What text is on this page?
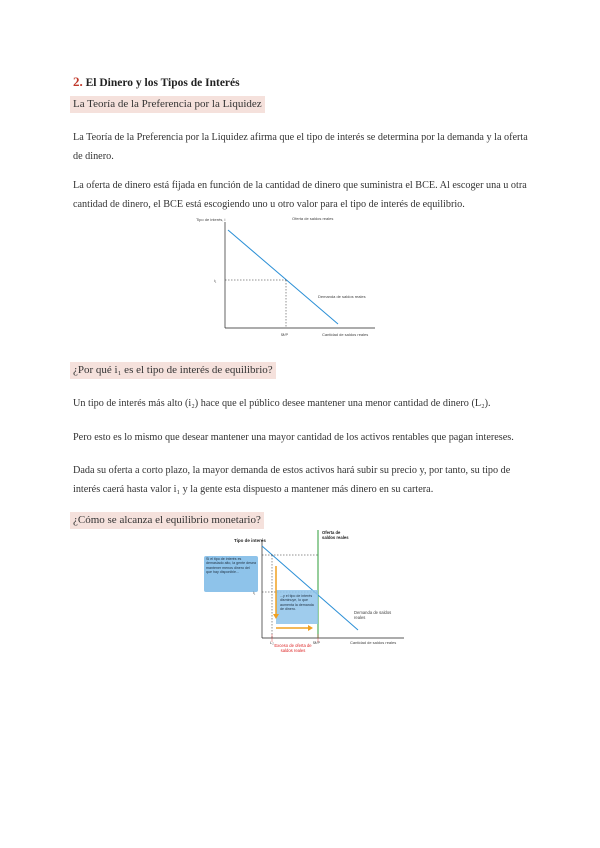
2. El Dinero y los Tipos de Interés
La Teoría de la Preferencia por la Liquidez
La Teoría de la Preferencia por la Liquidez afirma que el tipo de interés se determina por la demanda y la oferta de dinero.
La oferta de dinero está fijada en función de la cantidad de dinero que suministra el BCE. Al escoger una u otra cantidad de dinero, el BCE está escogiendo uno u otro valor para el tipo de interés de equilibrio.
Tipo de interés, i
i₁
M̄/P	Cantidad de saldos reales
Oferta de saldos reales
Demanda de saldos reales
¿Por qué i₁ es el tipo de interés de equilibrio?
Un tipo de interés más alto (i₂) hace que el público desee mantener una menor cantidad de dinero (L₂).
Pero esto es lo mismo que desear mantener una mayor cantidad de los activos rentables que pagan intereses.
Dada su oferta a corto plazo, la mayor demanda de estos activos hará subir su precio y, por tanto, su tipo de interés caerá hasta valor i₁ y la gente esta dispuesto a mantener más dinero en su cartera.
¿Cómo se alcanza el equilibrio monetario?
Tipo de interés
Si el tipo de interés es demasiado alto, la gente desea mantener menos dinero del que hay disponible...
...y el tipo de interés disminuye, lo que aumenta la demanda de dinero.
i₁
L₂	M̄/P	Cantidad de saldos reales
Oferta de saldos reales
Demanda de saldos reales
Exceso de oferta de saldos reales
